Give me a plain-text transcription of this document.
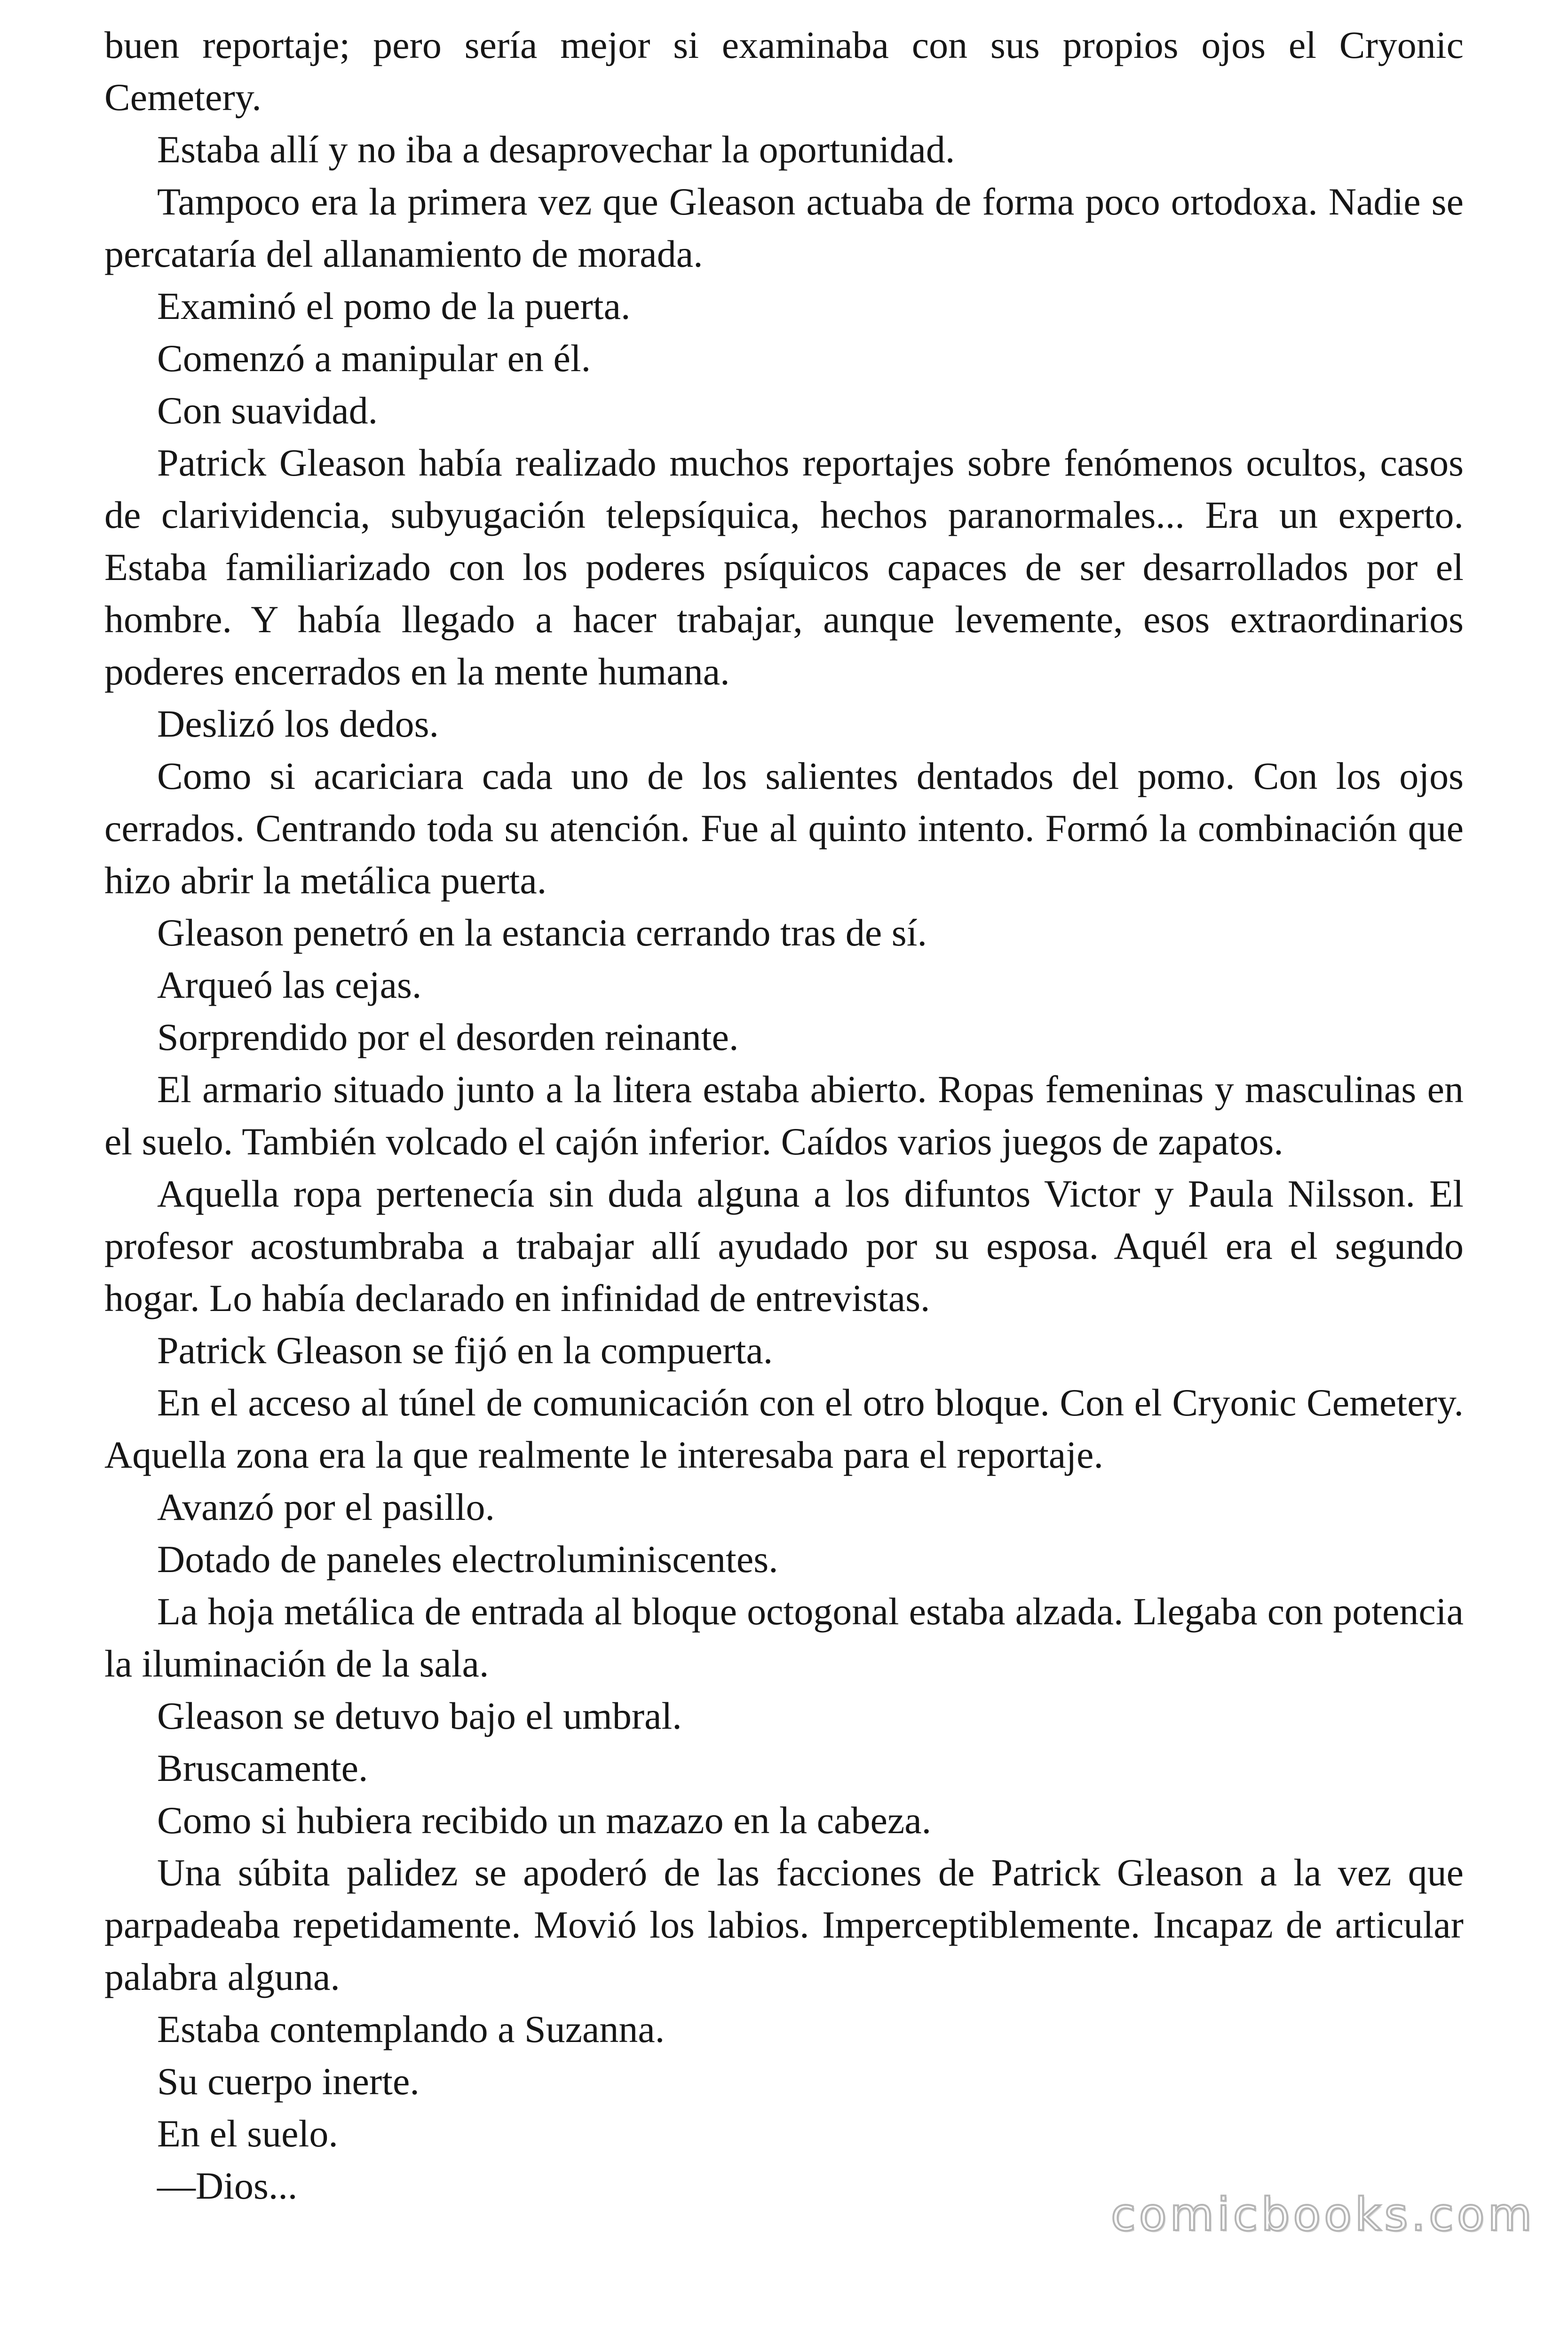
buen reportaje; pero sería mejor si examinaba con sus propios ojos el Cryonic Cemetery.

Estaba allí y no iba a desaprovechar la oportunidad.

Tampoco era la primera vez que Gleason actuaba de forma poco ortodoxa. Nadie se percataría del allanamiento de morada.

Examinó el pomo de la puerta.

Comenzó a manipular en él.

Con suavidad.

Patrick Gleason había realizado muchos reportajes sobre fenómenos ocultos, casos de clarividencia, subyugación telepsíquica, hechos paranormales... Era un experto. Estaba familiarizado con los poderes psíquicos capaces de ser desarrollados por el hombre. Y había llegado a hacer trabajar, aunque levemente, esos extraordinarios poderes encerrados en la mente humana.

Deslizó los dedos.

Como si acariciara cada uno de los salientes dentados del pomo. Con los ojos cerrados. Centrando toda su atención. Fue al quinto intento. Formó la combinación que hizo abrir la metálica puerta.

Gleason penetró en la estancia cerrando tras de sí.

Arqueó las cejas.

Sorprendido por el desorden reinante.

El armario situado junto a la litera estaba abierto. Ropas femeninas y masculinas en el suelo. También volcado el cajón inferior. Caídos varios juegos de zapatos.

Aquella ropa pertenecía sin duda alguna a los difuntos Victor y Paula Nilsson. El profesor acostumbraba a trabajar allí ayudado por su esposa. Aquél era el segundo hogar. Lo había declarado en infinidad de entrevistas.

Patrick Gleason se fijó en la compuerta.

En el acceso al túnel de comunicación con el otro bloque. Con el Cryonic Cemetery. Aquella zona era la que realmente le interesaba para el reportaje.

Avanzó por el pasillo.

Dotado de paneles electroluminiscentes.

La hoja metálica de entrada al bloque octogonal estaba alzada. Llegaba con potencia la iluminación de la sala.

Gleason se detuvo bajo el umbral.

Bruscamente.

Como si hubiera recibido un mazazo en la cabeza.

Una súbita palidez se apoderó de las facciones de Patrick Gleason a la vez que parpadeaba repetidamente. Movió los labios. Imperceptiblemente. Incapaz de articular palabra alguna.

Estaba contemplando a Suzanna.

Su cuerpo inerte.

En el suelo.

—Dios...

comicbooks.com
